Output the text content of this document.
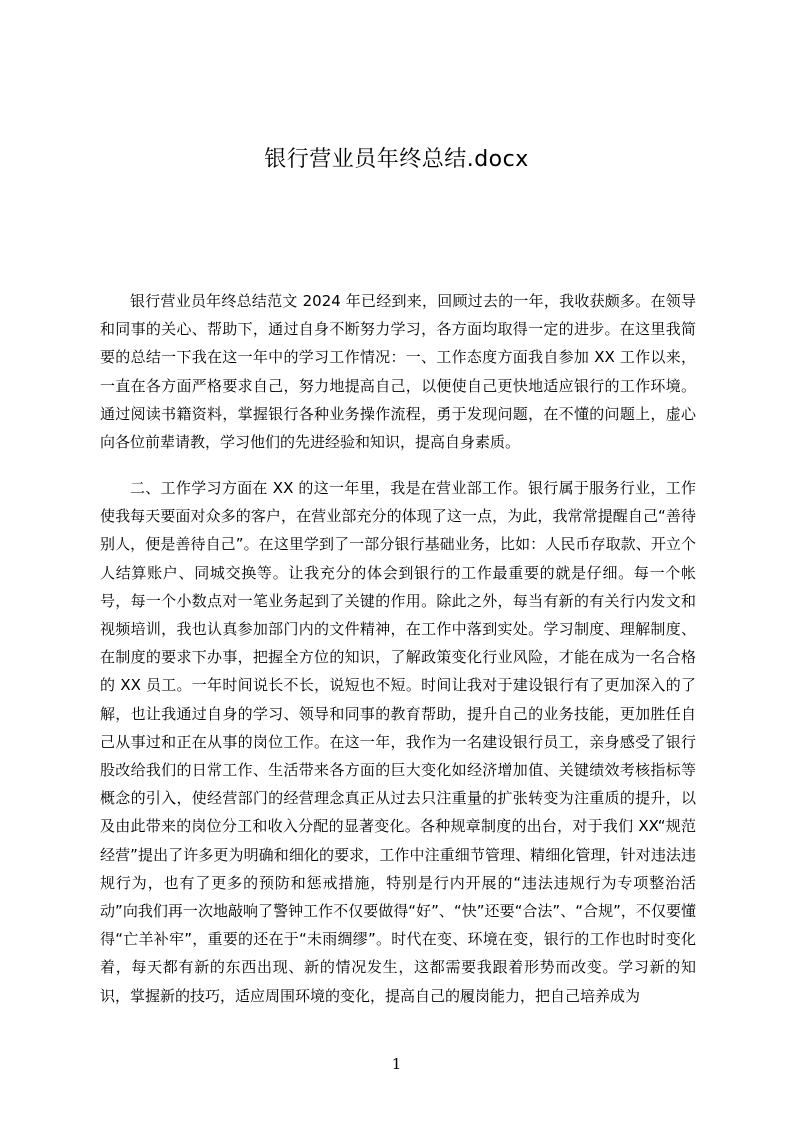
银行营业员年终总结.docx

银行营业员年终总结范文 2024 年已经到来，回顾过去的一年，我收获颇多。在领导和同事的关心、帮助下，通过自身不断努力学习，各方面均取得一定的进步。在这里我简要的总结一下我在这一年中的学习工作情况：一、工作态度方面我自参加 XX 工作以来，一直在各方面严格要求自己，努力地提高自己，以便使自己更快地适应银行的工作环境。通过阅读书籍资料，掌握银行各种业务操作流程，勇于发现问题，在不懂的问题上，虚心向各位前辈请教，学习他们的先进经验和知识，提高自身素质。

二、工作学习方面在 XX 的这一年里，我是在营业部工作。银行属于服务行业，工作使我每天要面对众多的客户，在营业部充分的体现了这一点，为此，我常常提醒自己“善待别人，便是善待自己”。在这里学到了一部分银行基础业务，比如：人民币存取款、开立个人结算账户、同城交换等。让我充分的体会到银行的工作最重要的就是仔细。每一个帐号，每一个小数点对一笔业务起到了关键的作用。除此之外，每当有新的有关行内发文和视频培训，我也认真参加部门内的文件精神，在工作中落到实处。学习制度、理解制度、在制度的要求下办事，把握全方位的知识，了解政策变化行业风险，才能在成为一名合格的 XX 员工。一年时间说长不长，说短也不短。时间让我对于建设银行有了更加深入的了解，也让我通过自身的学习、领导和同事的教育帮助，提升自己的业务技能，更加胜任自己从事过和正在从事的岗位工作。在这一年，我作为一名建设银行员工，亲身感受了银行股改给我们的日常工作、生活带来各方面的巨大变化如经济增加值、关键绩效考核指标等概念的引入，使经营部门的经营理念真正从过去只注重量的扩张转变为注重质的提升，以及由此带来的岗位分工和收入分配的显著变化。各种规章制度的出台，对于我们 XX“规范经营”提出了许多更为明确和细化的要求，工作中注重细节管理、精细化管理，针对违法违规行为，也有了更多的预防和惩戒措施，特别是行内开展的“违法违规行为专项整治活动”向我们再一次地敲响了警钟工作不仅要做得“好”、“快”还要“合法”、“合规”，不仅要懂得“亡羊补牢”，重要的还在于“未雨绸缪”。时代在变、环境在变，银行的工作也时时变化着，每天都有新的东西出现、新的情况发生，这都需要我跟着形势而改变。学习新的知识，掌握新的技巧，适应周围环境的变化，提高自己的履岗能力，把自己培养成为

1
